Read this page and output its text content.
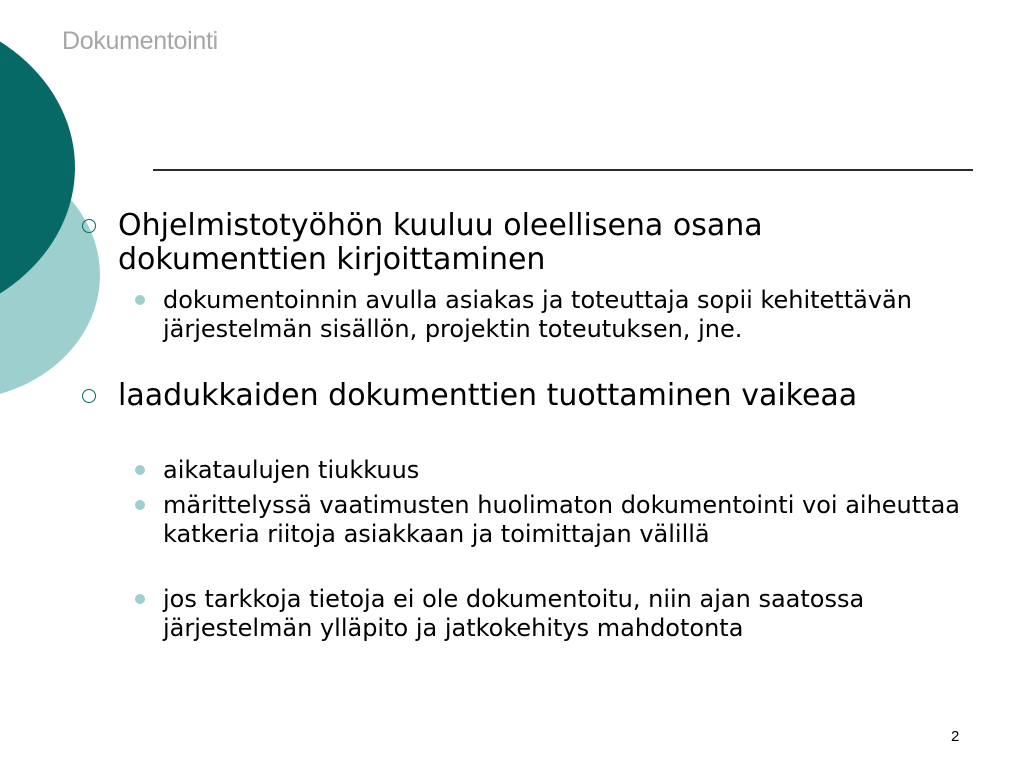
Dokumentointi
Ohjelmistotyöhön kuuluu oleellisena osana dokumenttien kirjoittaminen
dokumentoinnin avulla asiakas ja toteuttaja sopii kehitettävän järjestelmän sisällön, projektin toteutuksen, jne.
laadukkaiden dokumenttien tuottaminen vaikeaa
aikataulujen tiukkuus
märittelyssä vaatimusten huolimaton dokumentointi voi aiheuttaa katkeria riitoja asiakkaan ja toimittajan välillä
jos tarkkoja tietoja ei ole dokumentoitu, niin ajan saatossa järjestelmän ylläpito ja jatkokehitys mahdotonta
2
